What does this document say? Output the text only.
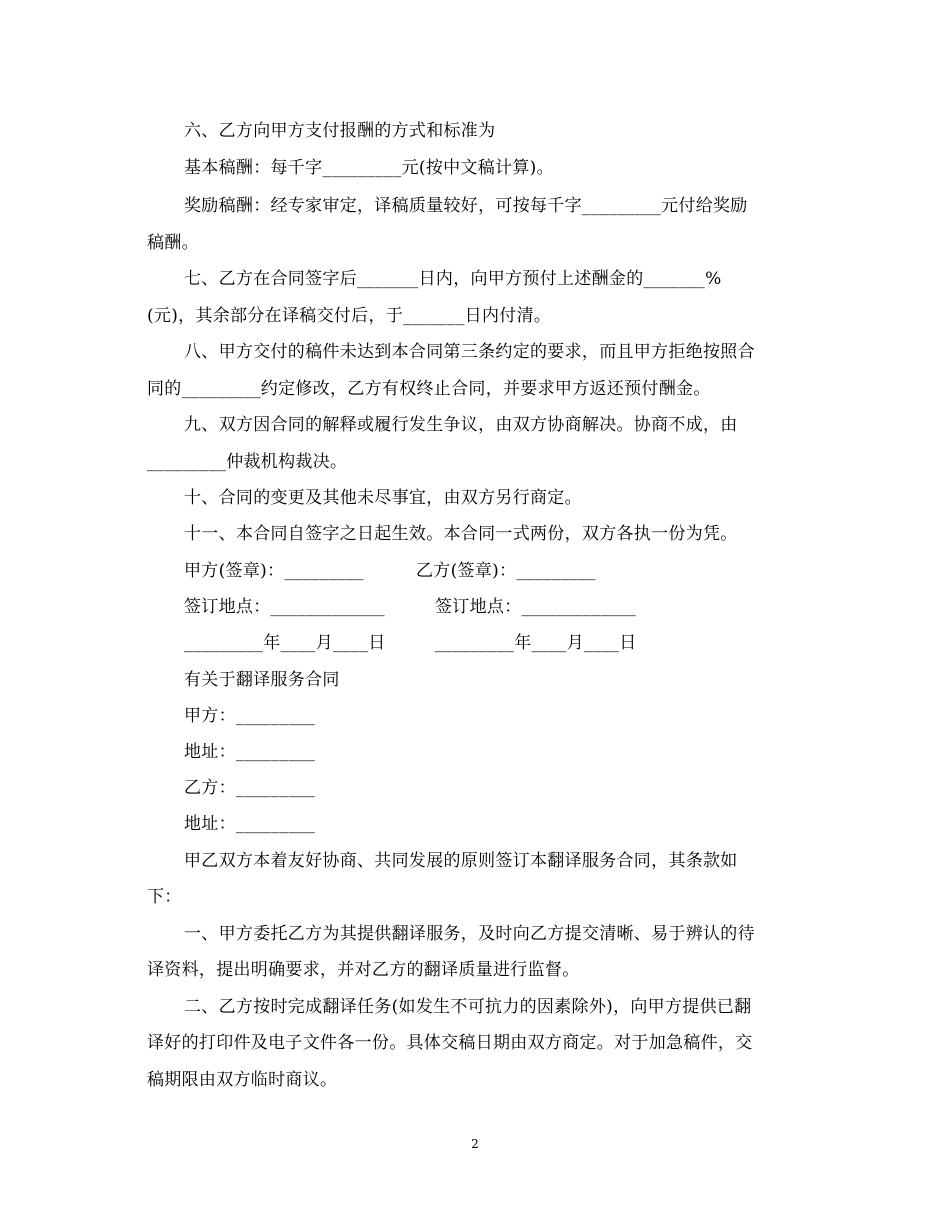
六、乙方向甲方支付报酬的方式和标准为
基本稿酬：每千字_________元(按中文稿计算)。
奖励稿酬：经专家审定，译稿质量较好，可按每千字_________元付给奖励
稿酬。
七、乙方在合同签字后_______日内，向甲方预付上述酬金的_______%
(元)，其余部分在译稿交付后，于_______日内付清。
八、甲方交付的稿件未达到本合同第三条约定的要求，而且甲方拒绝按照合
同的_________约定修改，乙方有权终止合同，并要求甲方返还预付酬金。
九、双方因合同的解释或履行发生争议，由双方协商解决。协商不成，由
_________仲裁机构裁决。
十、合同的变更及其他未尽事宜，由双方另行商定。
十一、本合同自签字之日起生效。本合同一式两份，双方各执一份为凭。
甲方(签章)：_________	乙方(签章)：_________
签订地点：_____________	签订地点：_____________
_________年____月____日	_________年____月____日
有关于翻译服务合同
甲方：_________
地址：_________
乙方：_________
地址：_________
甲乙双方本着友好协商、共同发展的原则签订本翻译服务合同，其条款如
下：
一、甲方委托乙方为其提供翻译服务，及时向乙方提交清晰、易于辨认的待
译资料，提出明确要求，并对乙方的翻译质量进行监督。
二、乙方按时完成翻译任务(如发生不可抗力的因素除外)，向甲方提供已翻
译好的打印件及电子文件各一份。具体交稿日期由双方商定。对于加急稿件，交
稿期限由双方临时商议。
2
